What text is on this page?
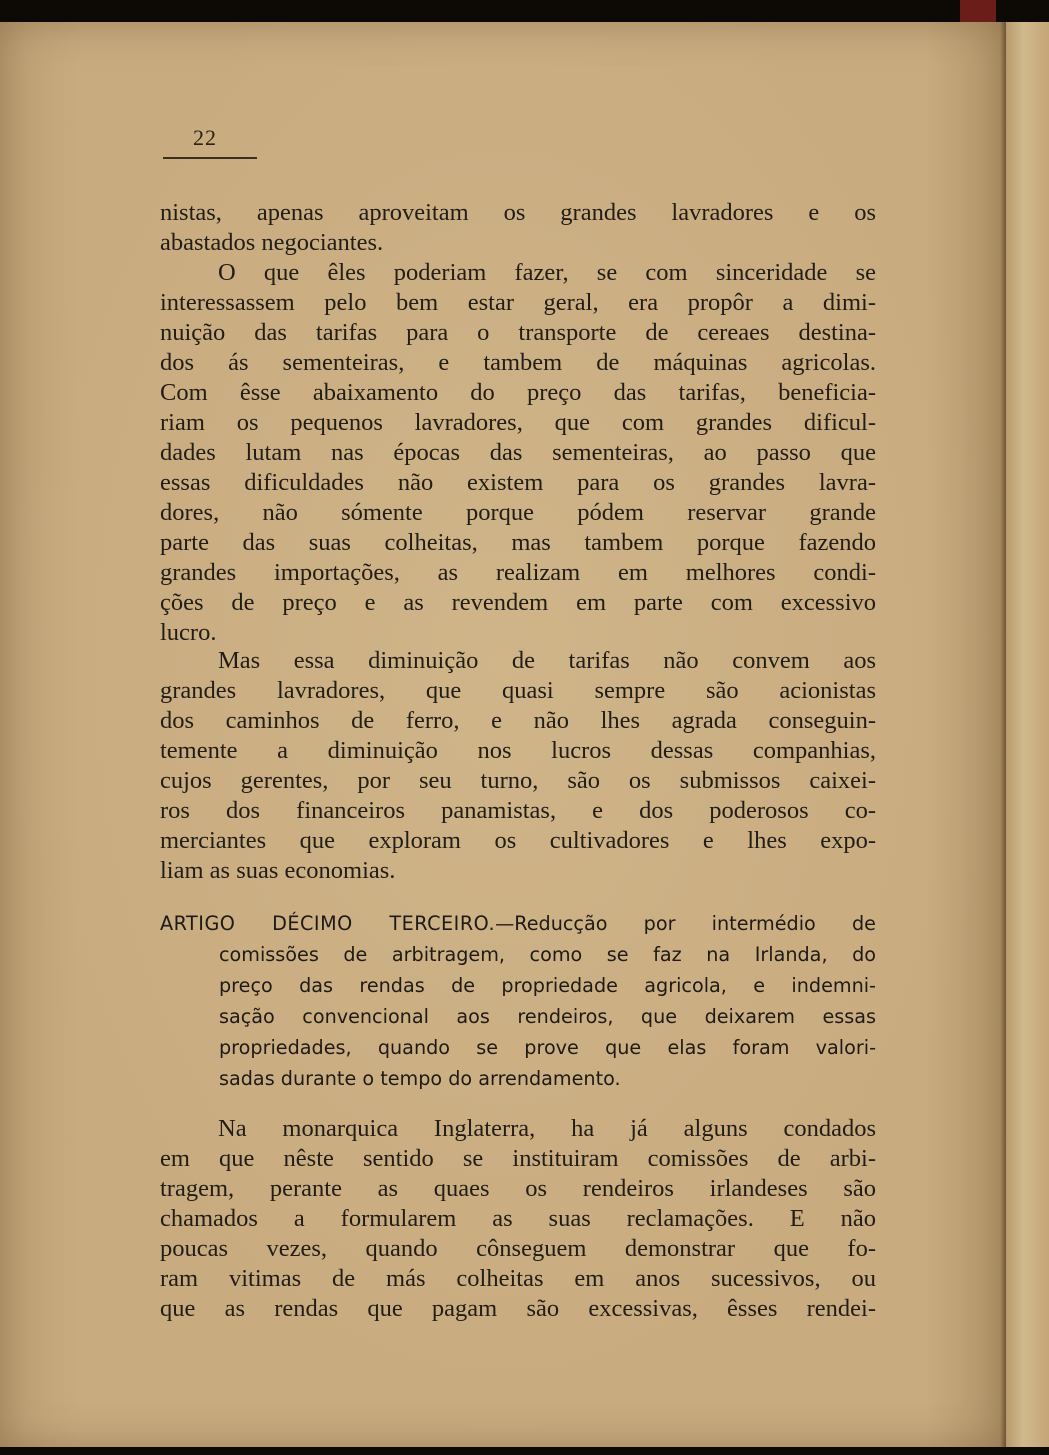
22
nistas, apenas aproveitam os grandes lavradores e os
abastados negociantes.
O que êles poderiam fazer, se com sinceridade se
interessassem pelo bem estar geral, era propôr a dimi-
nuição das tarifas para o transporte de cereaes destina-
dos ás sementeiras, e tambem de máquinas agricolas.
Com êsse abaixamento do preço das tarifas, beneficia-
riam os pequenos lavradores, que com grandes dificul-
dades lutam nas épocas das sementeiras, ao passo que
essas dificuldades não existem para os grandes lavra-
dores, não sómente porque pódem reservar grande
parte das suas colheitas, mas tambem porque fazendo
grandes importações, as realizam em melhores condi-
ções de preço e as revendem em parte com excessivo
lucro.
Mas essa diminuição de tarifas não convem aos
grandes lavradores, que quasi sempre são acionistas
dos caminhos de ferro, e não lhes agrada conseguin-
temente a diminuição nos lucros dessas companhias,
cujos gerentes, por seu turno, são os submissos caixei-
ros dos financeiros panamistas, e dos poderosos co-
merciantes que exploram os cultivadores e lhes expo-
liam as suas economias.
ARTIGO DÉCIMO TERCEIRO.—Reducção por intermédio de
comissões de arbitragem, como se faz na Irlanda, do
preço das rendas de propriedade agricola, e indemni-
sação convencional aos rendeiros, que deixarem essas
propriedades, quando se prove que elas foram valori-
sadas durante o tempo do arrendamento.
Na monarquica Inglaterra, ha já alguns condados
em que nêste sentido se instituiram comissões de arbi-
tragem, perante as quaes os rendeiros irlandeses são
chamados a formularem as suas reclamações. E não
poucas vezes, quando cônseguem demonstrar que fo-
ram vitimas de más colheitas em anos sucessivos, ou
que as rendas que pagam são excessivas, êsses rendei-
